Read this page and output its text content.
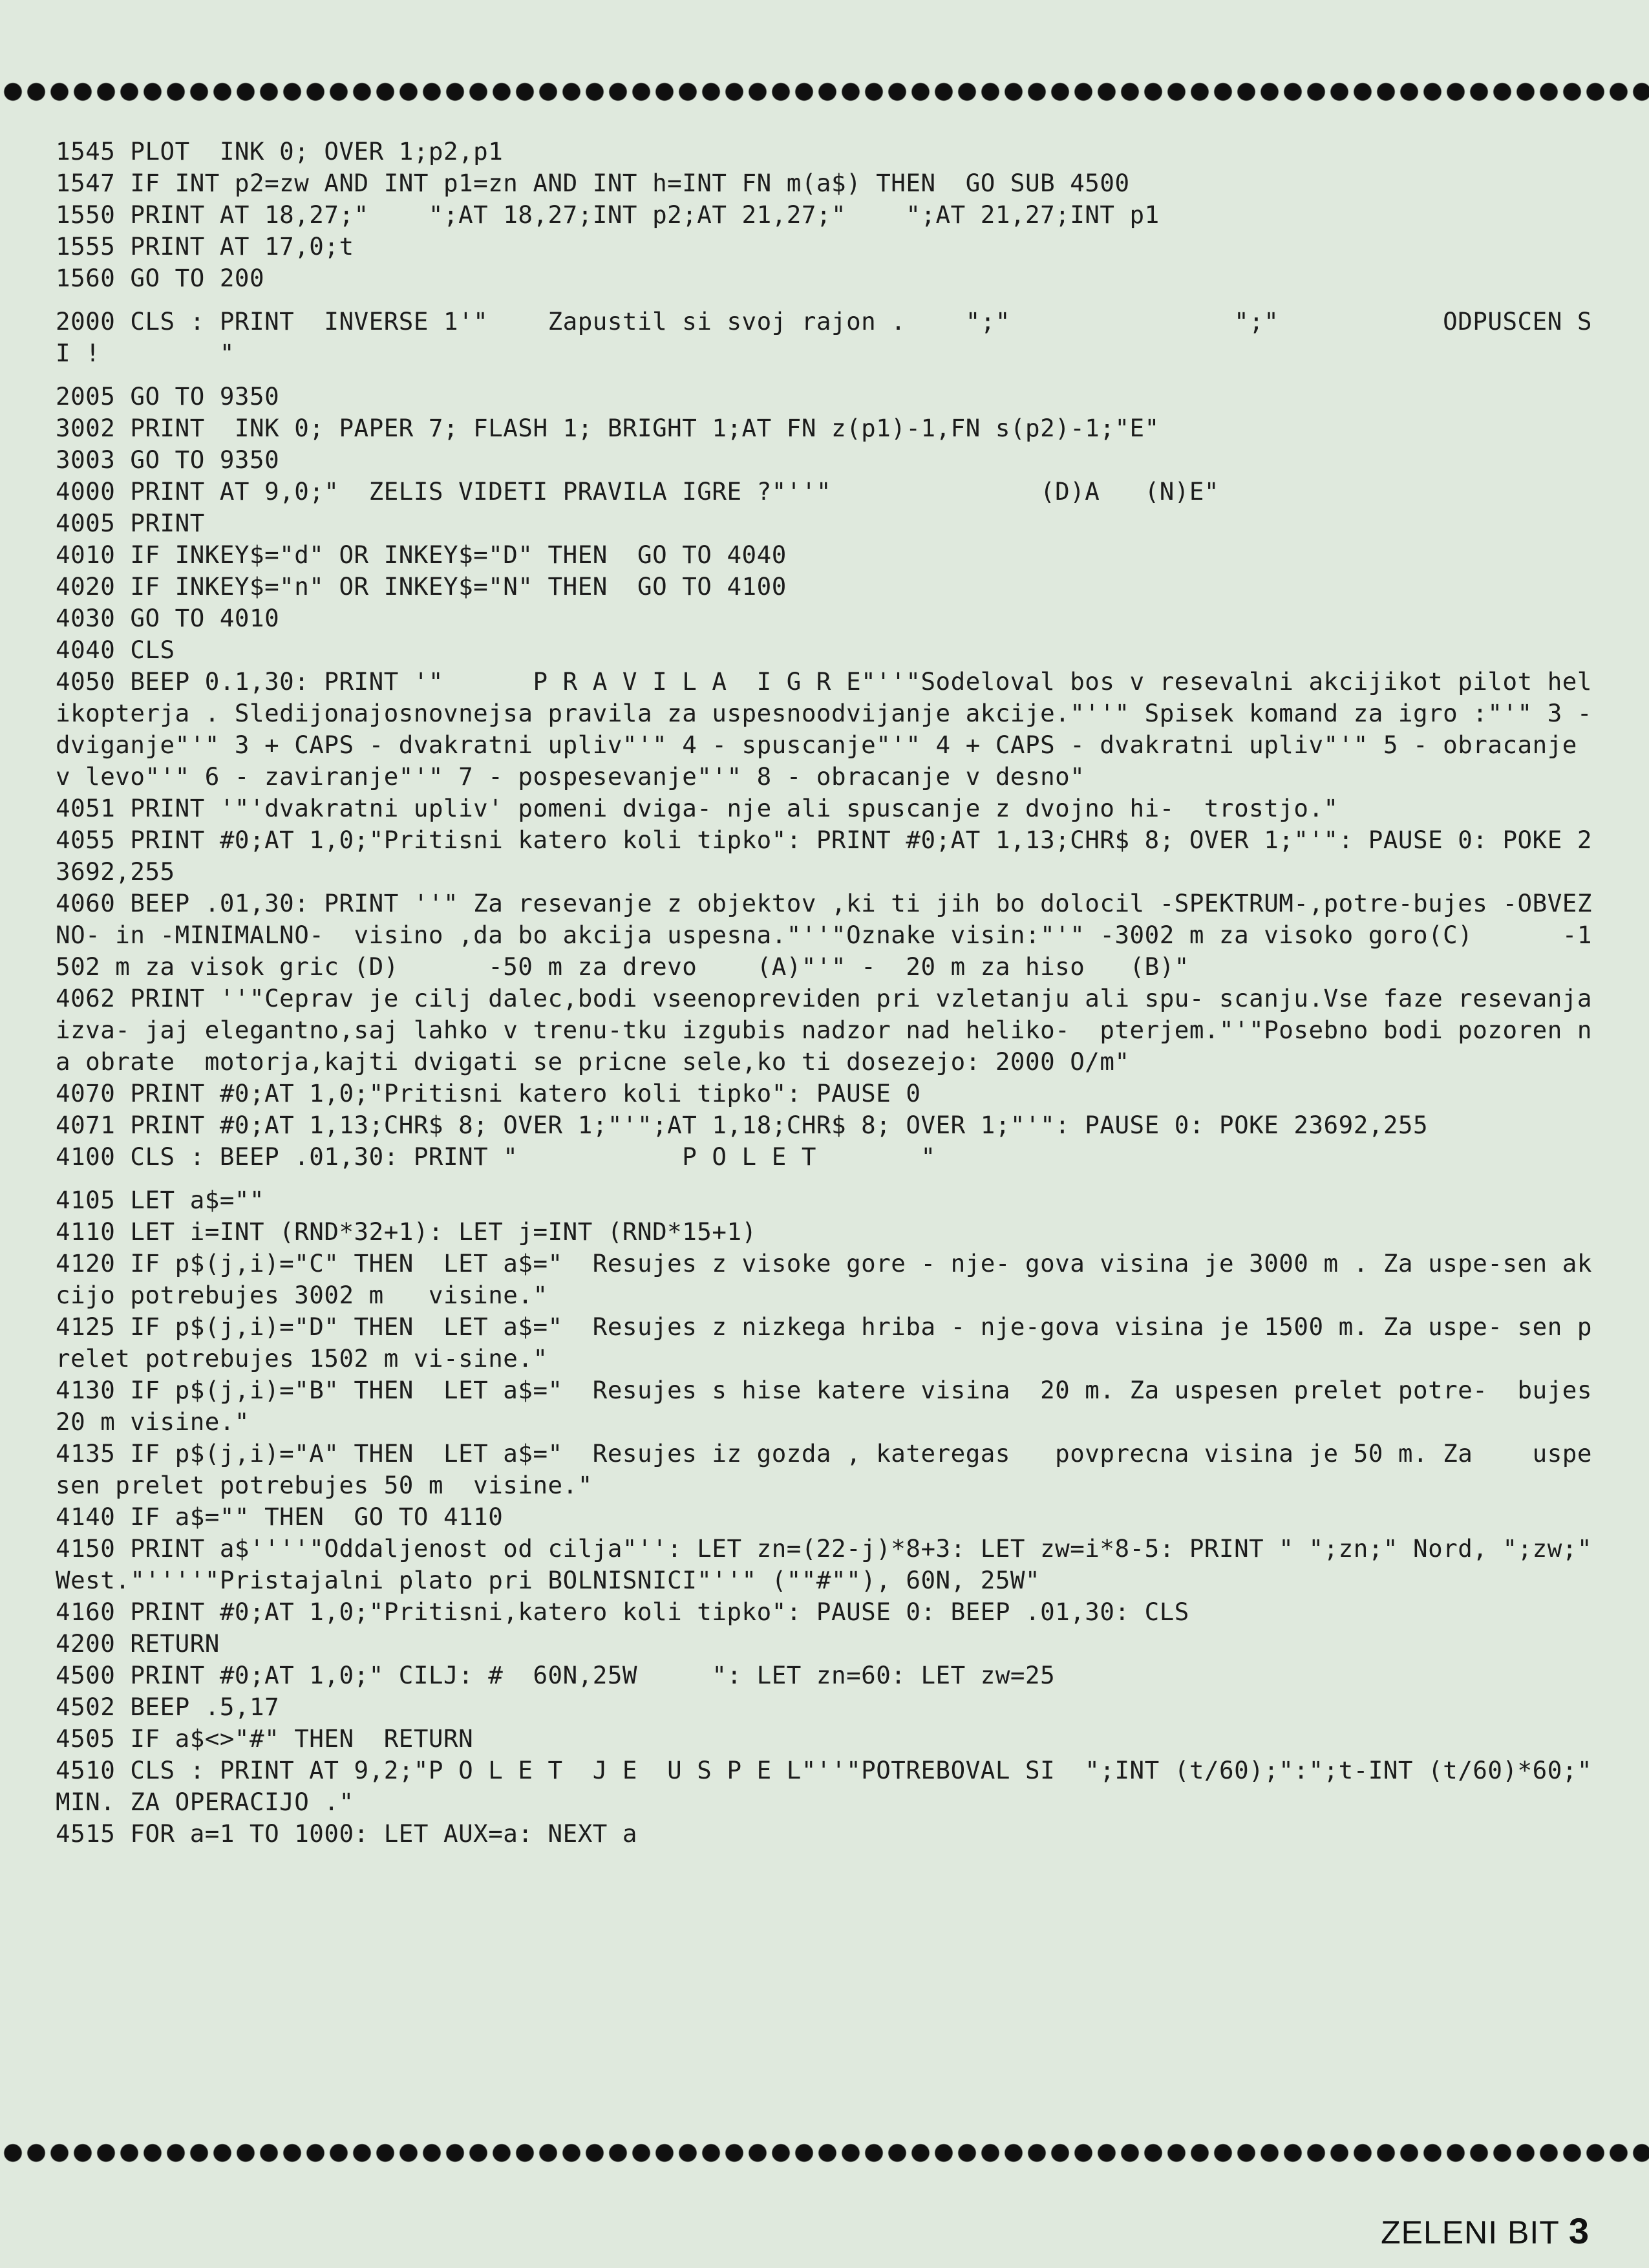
1545 PLOT  INK 0; OVER 1;p2,p1
1547 IF INT p2=zw AND INT p1=zn AND INT h=INT FN m(a$) THEN  GO SUB 4500
1550 PRINT AT 18,27;"    ";AT 18,27;INT p2;AT 21,27;"    ";AT 21,27;INT p1
1555 PRINT AT 17,0;t
1560 GO TO 200
2000 CLS : PRINT  INVERSE 1'"    Zapustil si svoj rajon .    ";"               ";"           ODPUSCEN SI !        "
2005 GO TO 9350
3002 PRINT  INK 0; PAPER 7; FLASH 1; BRIGHT 1;AT FN z(p1)-1,FN s(p2)-1;"E"
3003 GO TO 9350
4000 PRINT AT 9,0;"  ZELIS VIDETI PRAVILA IGRE ?"''"              (D)A   (N)E"
4005 PRINT
4010 IF INKEY$="d" OR INKEY$="D" THEN  GO TO 4040
4020 IF INKEY$="n" OR INKEY$="N" THEN  GO TO 4100
4030 GO TO 4010
4040 CLS
4050 BEEP 0.1,30: PRINT '"      P R A V I L A  I G R E"''"Sodeloval bos v resevalni akcijikot pilot helikopterja . Sledijonajosnovnejsa pravila za uspesnoodvijanje akcije."''" Spisek komand za igro :"'" 3 - dviganje"'" 3 + CAPS - dvakratni upliv"'" 4 - spuscanje"'" 4 + CAPS - dvakratni upliv"'" 5 - obracanje v levo"'" 6 - zaviranje"'" 7 - pospesevanje"'" 8 - obracanje v desno"
4051 PRINT '"'dvakratni upliv' pomeni dviga- nje ali spuscanje z dvojno hi-  trostjo."
4055 PRINT #0;AT 1,0;"Pritisni katero koli tipko": PRINT #0;AT 1,13;CHR$ 8; OVER 1;"'": PAUSE 0: POKE 23692,255
4060 BEEP .01,30: PRINT ''" Za resevanje z objektov ,ki ti jih bo dolocil -SPEKTRUM-,potre-bujes -OBVEZNO- in -MINIMALNO-  visino ,da bo akcija uspesna."''"Oznake visin:"'" -3002 m za visoko goro(C)      -1502 m za visok gric (D)      -50 m za drevo    (A)"'" -  20 m za hiso   (B)"
4062 PRINT ''"Ceprav je cilj dalec,bodi vseenopreviden pri vzletanju ali spu- scanju.Vse faze resevanja izva- jaj elegantno,saj lahko v trenu-tku izgubis nadzor nad heliko-  pterjem."'"Posebno bodi pozoren na obrate  motorja,kajti dvigati se pricne sele,ko ti dosezejo: 2000 O/m"
4070 PRINT #0;AT 1,0;"Pritisni katero koli tipko": PAUSE 0
4071 PRINT #0;AT 1,13;CHR$ 8; OVER 1;"'";AT 1,18;CHR$ 8; OVER 1;"'": PAUSE 0: POKE 23692,255
4100 CLS : BEEP .01,30: PRINT "           P O L E T       "
4105 LET a$=""
4110 LET i=INT (RND*32+1): LET j=INT (RND*15+1)
4120 IF p$(j,i)="C" THEN  LET a$="  Resujes z visoke gore - nje- gova visina je 3000 m . Za uspe-sen akcijo potrebujes 3002 m   visine."
4125 IF p$(j,i)="D" THEN  LET a$="  Resujes z nizkega hriba - nje-gova visina je 1500 m. Za uspe- sen prelet potrebujes 1502 m vi-sine."
4130 IF p$(j,i)="B" THEN  LET a$="  Resujes s hise katere visina  20 m. Za uspesen prelet potre-  bujes 20 m visine."
4135 IF p$(j,i)="A" THEN  LET a$="  Resujes iz gozda , kateregas   povprecna visina je 50 m. Za    uspesen prelet potrebujes 50 m  visine."
4140 IF a$="" THEN  GO TO 4110
4150 PRINT a$''''"Oddaljenost od cilja"'': LET zn=(22-j)*8+3: LET zw=i*8-5: PRINT " ";zn;" Nord, ";zw;" West."''''"Pristajalni plato pri BOLNISNICI"''" (""#""), 60N, 25W"
4160 PRINT #0;AT 1,0;"Pritisni,katero koli tipko": PAUSE 0: BEEP .01,30: CLS
4200 RETURN
4500 PRINT #0;AT 1,0;" CILJ: #  60N,25W     ": LET zn=60: LET zw=25
4502 BEEP .5,17
4505 IF a$<>"#" THEN  RETURN
4510 CLS : PRINT AT 9,2;"P O L E T  J E  U S P E L"''"POTREBOVAL SI  ";INT (t/60);":";t-INT (t/60)*60;" MIN. ZA OPERACIJO ."
4515 FOR a=1 TO 1000: LET AUX=a: NEXT a
ZELENI BIT 3
